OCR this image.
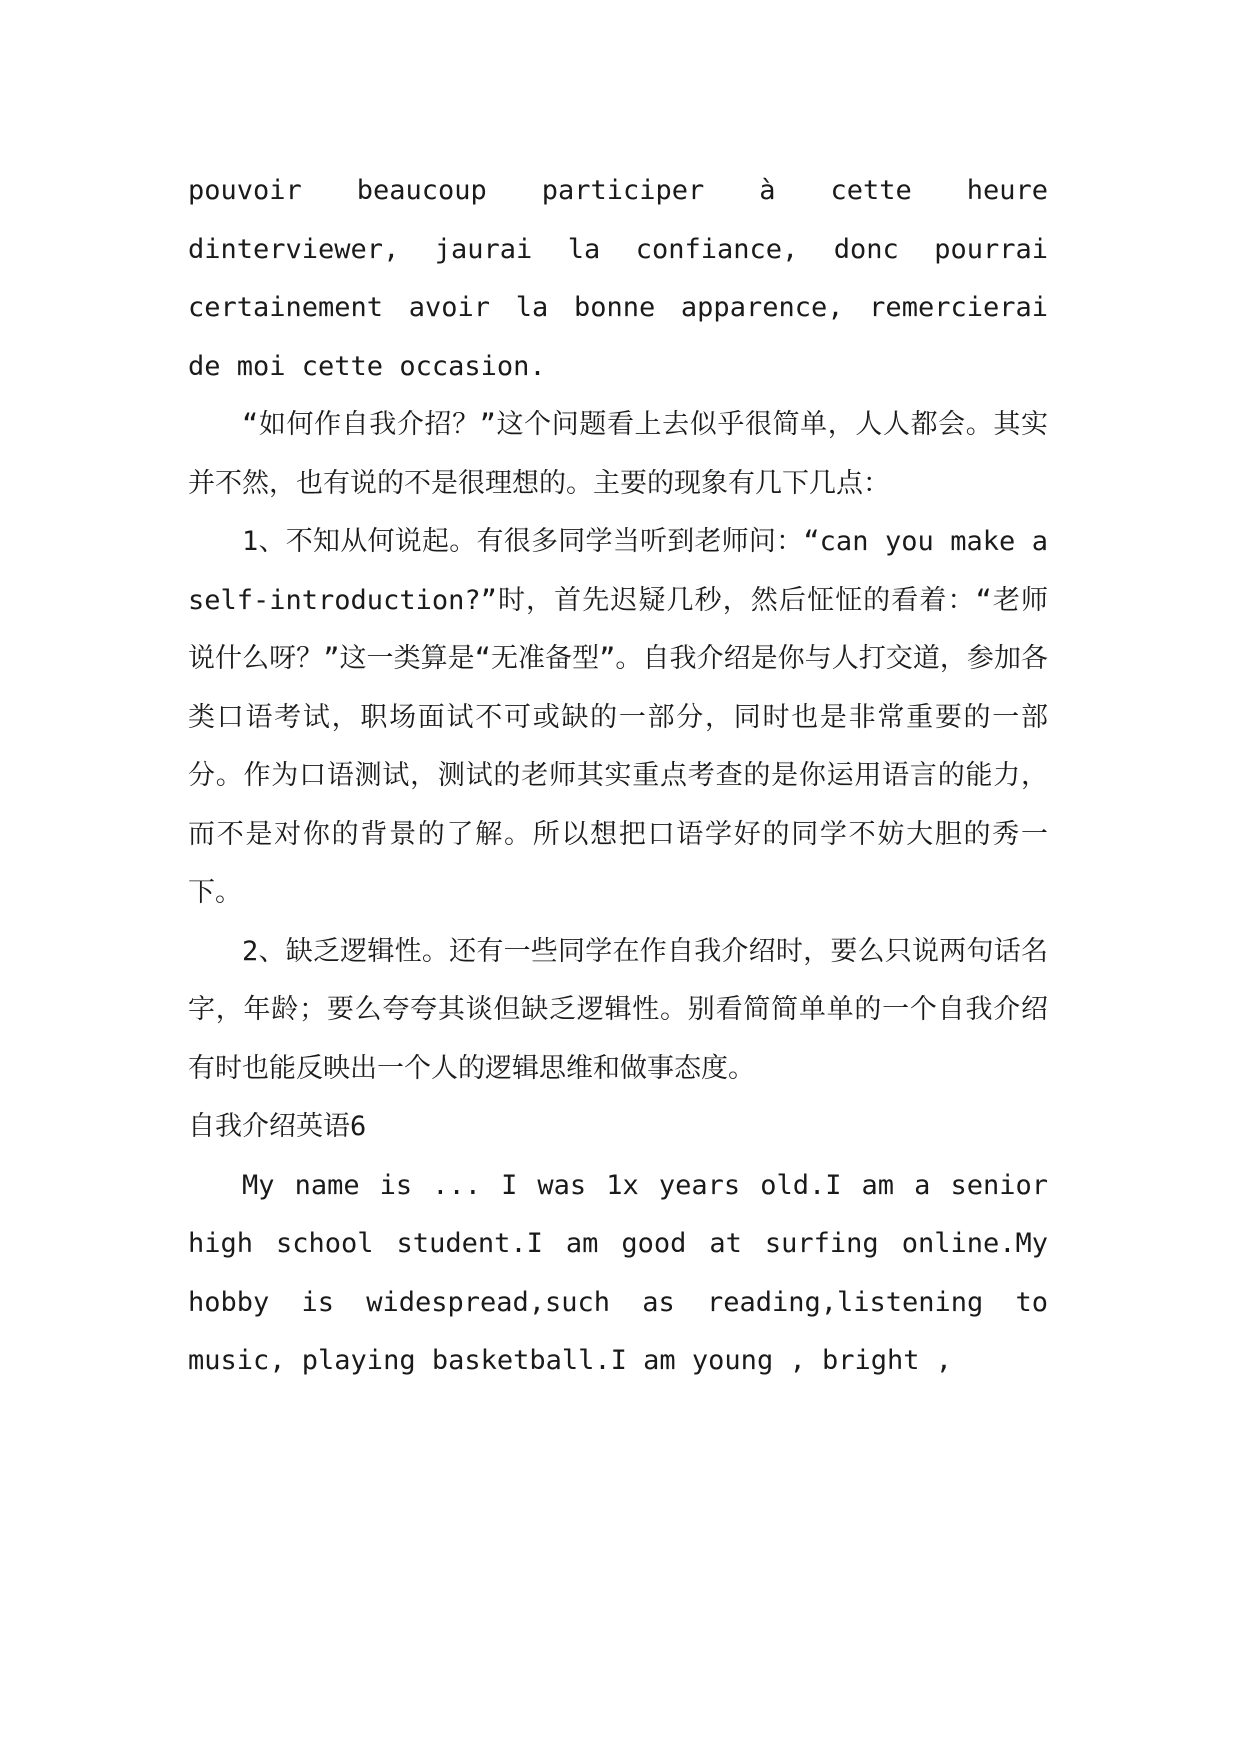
pouvoir beaucoup participer à cette heure dinterviewer, jaurai la confiance, donc pourrai certainement avoir la bonne apparence, remercierai de moi cette occasion.

“如何作自我介招？”这个问题看上去似乎很简单，人人都会。其实并不然，也有说的不是很理想的。主要的现象有几下几点：

1、不知从何说起。有很多同学当听到老师问：“can you make a self-introduction?”时，首先迟疑几秒，然后怔怔的看着：“老师说什么呀？”这一类算是“无准备型”。自我介绍是你与人打交道，参加各类口语考试，职场面试不可或缺的一部分，同时也是非常重要的一部分。作为口语测试，测试的老师其实重点考查的是你运用语言的能力，而不是对你的背景的了解。所以想把口语学好的同学不妨大胆的秀一下。

2、缺乏逻辑性。还有一些同学在作自我介绍时，要么只说两句话名字，年龄；要么夸夸其谈但缺乏逻辑性。别看简简单单的一个自我介绍有时也能反映出一个人的逻辑思维和做事态度。

自我介绍英语6

My name is ... I was 1x years old.I am a senior high school student.I am good at surfing online.My hobby is widespread,such as reading,listening to music, playing basketball.I am young , bright ,
